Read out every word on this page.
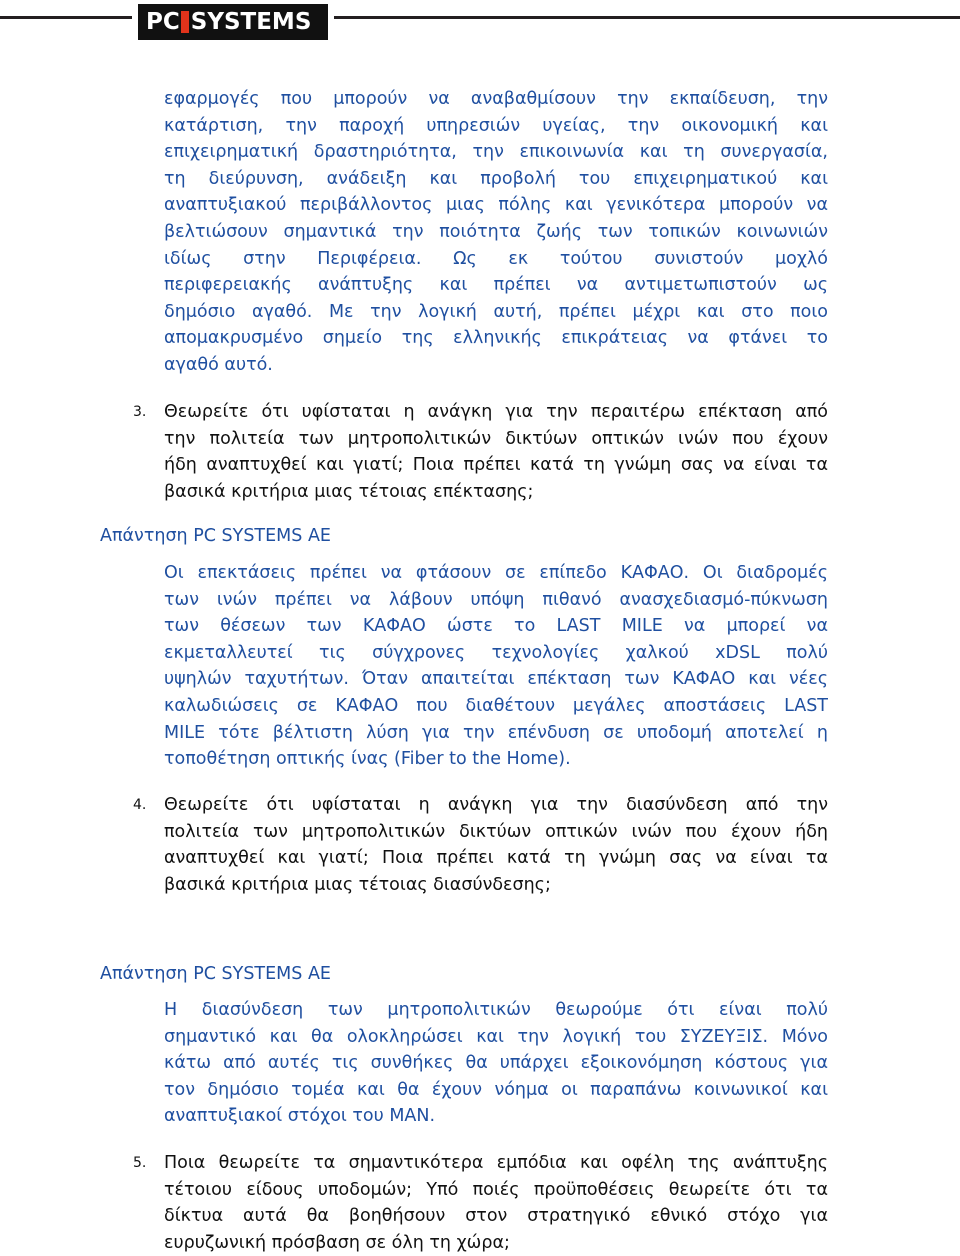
PC SYSTEMS
εφαρμογές που μπορούν να αναβαθμίσουν την εκπαίδευση, την
κατάρτιση, την παροχή υπηρεσιών υγείας, την οικονομική και
επιχειρηματική δραστηριότητα, την επικοινωνία και τη συνεργασία,
τη διεύρυνση, ανάδειξη και προβολή του επιχειρηματικού και
αναπτυξιακού περιβάλλοντος μιας πόλης και γενικότερα μπορούν να
βελτιώσουν σημαντικά την ποιότητα ζωής των τοπικών κοινωνιών
ιδίως στην Περιφέρεια. Ως εκ τούτου συνιστούν μοχλό
περιφερειακής ανάπτυξης και πρέπει να αντιμετωπιστούν ως
δημόσιο αγαθό. Με την λογική αυτή, πρέπει μέχρι και στο ποιο
απομακρυσμένο σημείο της ελληνικής επικράτειας να φτάνει το
αγαθό αυτό.
3. Θεωρείτε ότι υφίσταται η ανάγκη για την περαιτέρω επέκταση από
την πολιτεία των μητροπολιτικών δικτύων οπτικών ινών που έχουν
ήδη αναπτυχθεί και γιατί; Ποια πρέπει κατά τη γνώμη σας να είναι τα
βασικά κριτήρια μιας τέτοιας επέκτασης;
Απάντηση PC SYSTEMS AE
Οι επεκτάσεις πρέπει να φτάσουν σε επίπεδο ΚΑΦΑΟ. Οι διαδρομές
των ινών πρέπει να λάβουν υπόψη πιθανό ανασχεδιασμό-πύκνωση
των θέσεων των ΚΑΦΑΟ ώστε το LAST MILE να μπορεί να
εκμεταλλευτεί τις σύγχρονες τεχνολογίες χαλκού xDSL πολύ
υψηλών ταχυτήτων. Όταν απαιτείται επέκταση των ΚΑΦΑΟ και νέες
καλωδιώσεις σε ΚΑΦΑΟ που διαθέτουν μεγάλες αποστάσεις LAST
MILE τότε βέλτιστη λύση για την επένδυση σε υποδομή αποτελεί η
τοποθέτηση οπτικής ίνας (Fiber to the Home).
4. Θεωρείτε ότι υφίσταται η ανάγκη για την διασύνδεση από την
πολιτεία των μητροπολιτικών δικτύων οπτικών ινών που έχουν ήδη
αναπτυχθεί και γιατί; Ποια πρέπει κατά τη γνώμη σας να είναι τα
βασικά κριτήρια μιας τέτοιας διασύνδεσης;
Απάντηση PC SYSTEMS AE
Η διασύνδεση των μητροπολιτικών θεωρούμε ότι είναι πολύ
σημαντικό και θα ολοκληρώσει και την λογική του ΣΥΖΕΥΞΙΣ. Μόνο
κάτω από αυτές τις συνθήκες θα υπάρχει εξοικονόμηση κόστους για
τον δημόσιο τομέα και θα έχουν νόημα οι παραπάνω κοινωνικοί και
αναπτυξιακοί στόχοι του MAN.
5. Ποια θεωρείτε τα σημαντικότερα εμπόδια και οφέλη της ανάπτυξης
τέτοιου είδους υποδομών; Υπό ποιές προϋποθέσεις θεωρείτε ότι τα
δίκτυα αυτά θα βοηθήσουν στον στρατηγικό εθνικό στόχο για
ευρυζωνική πρόσβαση σε όλη τη χώρα;
